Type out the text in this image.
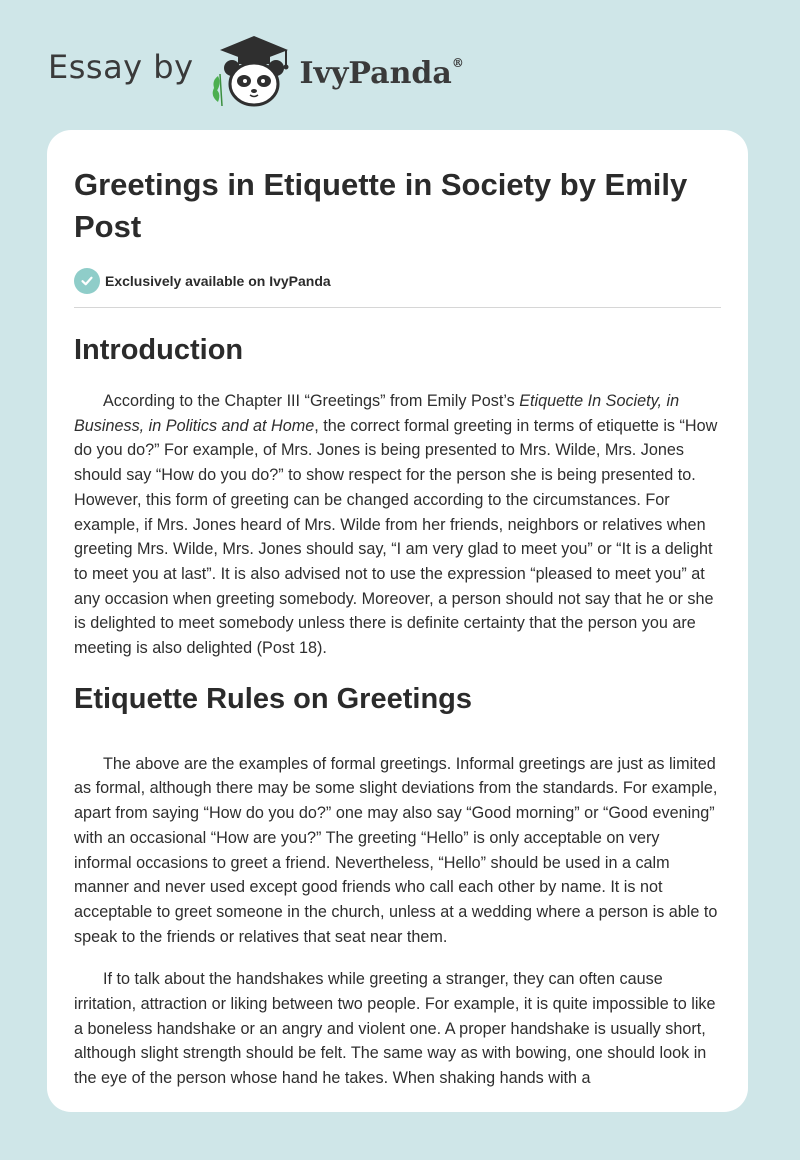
Essay by	IvyPanda®
Greetings in Etiquette in Society by Emily Post
Exclusively available on IvyPanda
Introduction

According to the Chapter III “Greetings” from Emily Post’s Etiquette In Society, in Business, in Politics and at Home, the correct formal greeting in terms of etiquette is “How do you do?” For example, of Mrs. Jones is being presented to Mrs. Wilde, Mrs. Jones should say “How do you do?” to show respect for the person she is being presented to. However, this form of greeting can be changed according to the circumstances. For example, if Mrs. Jones heard of Mrs. Wilde from her friends, neighbors or relatives when greeting Mrs. Wilde, Mrs. Jones should say, “I am very glad to meet you” or “It is a delight to meet you at last”. It is also advised not to use the expression “pleased to meet you” at any occasion when greeting somebody. Moreover, a person should not say that he or she is delighted to meet somebody unless there is definite certainty that the person you are meeting is also delighted (Post 18).

Etiquette Rules on Greetings

The above are the examples of formal greetings. Informal greetings are just as limited as formal, although there may be some slight deviations from the standards. For example, apart from saying “How do you do?” one may also say “Good morning” or “Good evening” with an occasional “How are you?” The greeting “Hello” is only acceptable on very informal occasions to greet a friend. Nevertheless, “Hello” should be used in a calm manner and never used except good friends who call each other by name. It is not acceptable to greet someone in the church, unless at a wedding where a person is able to speak to the friends or relatives that seat near them.

If to talk about the handshakes while greeting a stranger, they can often cause irritation, attraction or liking between two people. For example, it is quite impossible to like a boneless handshake or an angry and violent one. A proper handshake is usually short, although slight strength should be felt. The same way as with bowing, one should look in the eye of the person whose hand he takes. When shaking hands with a
